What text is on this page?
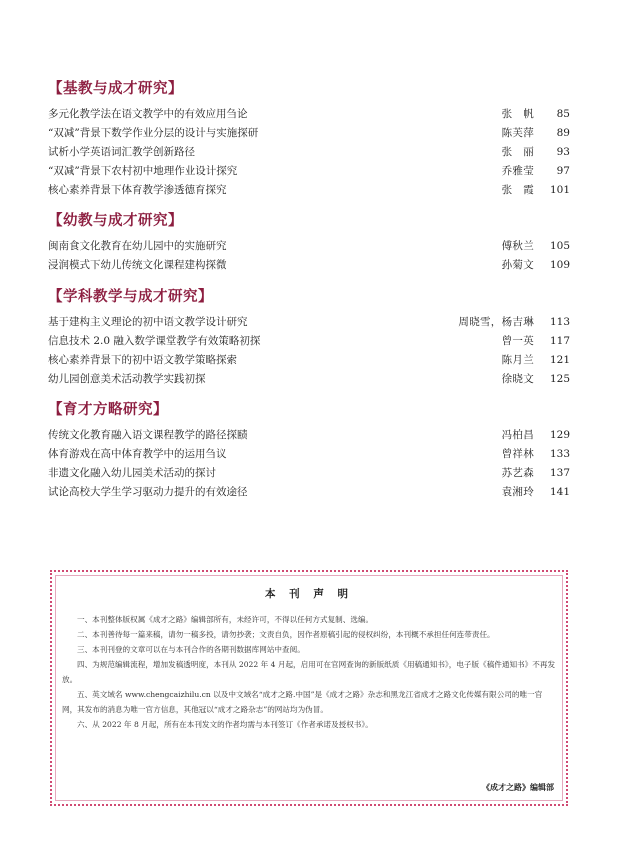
【基教与成才研究】
多元化教学法在语文教学中的有效应用刍论	张　帆	85
“双减”背景下数学作业分层的设计与实施探研	陈芙萍	89
试析小学英语词汇教学创新路径	张　丽	93
“双减”背景下农村初中地理作业设计探究	乔雅莹	97
核心素养背景下体育教学渗透德育探究	张　霞	101
【幼教与成才研究】
闽南食文化教育在幼儿园中的实施研究	傅秋兰	105
浸润模式下幼儿传统文化课程建构探微	孙菊文	109
【学科教学与成才研究】
基于建构主义理论的初中语文教学设计研究	周晓雪，杨吉琳	113
信息技术 2.0 融入数学课堂教学有效策略初探	曾一英	117
核心素养背景下的初中语文教学策略探索	陈月兰	121
幼儿园创意美术活动教学实践初探	徐晓文	125
【育才方略研究】
传统文化教育融入语文课程教学的路径探赜	冯柏昌	129
体育游戏在高中体育教学中的运用刍议	曾祥林	133
非遗文化融入幼儿园美术活动的探讨	苏艺森	137
试论高校大学生学习驱动力提升的有效途径	袁湘玲	141
本 刊 声 明
一、本刊整体版权属《成才之路》编辑部所有，未经许可，不得以任何方式复制、选编。
二、本刊善待每一篇来稿，请勿一稿多投，请勿抄袭；文责自负，因作者原稿引起的侵权纠纷，本刊概不承担任何连带责任。
三、本刊刊登的文章可以在与本刊合作的各期刊数据库网站中查阅。
四、为规范编辑流程，增加发稿透明度，本刊从 2022 年 4 月起，启用可在官网查询的新版纸质《用稿通知书》，电子版《稿件通知书》不再发放。
五、英文域名 www.chengcaizhilu.cn 以及中文域名“成才之路.中国”是《成才之路》杂志和黑龙江省成才之路文化传媒有限公司的唯一官网，其发布的消息为唯一官方信息，其他冠以“成才之路杂志”的网站均为伪冒。
六、从 2022 年 8 月起，所有在本刊发文的作者均需与本刊签订《作者承诺及授权书》。
《成才之路》编辑部
